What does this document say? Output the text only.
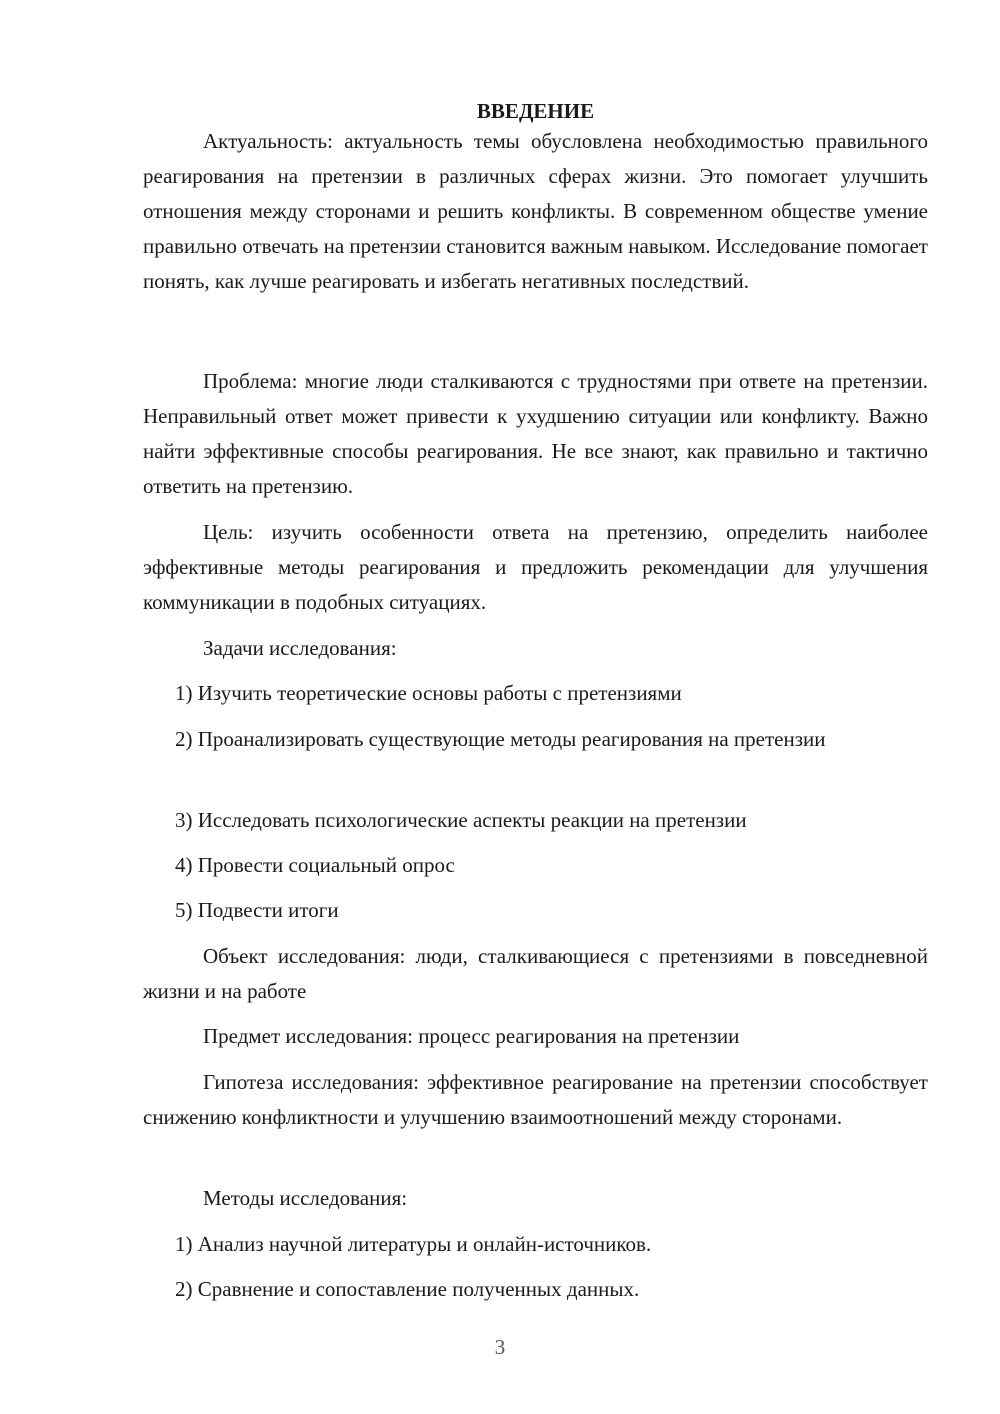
ВВЕДЕНИЕ

Актуальность: актуальность темы обусловлена необходимостью правильного реагирования на претензии в различных сферах жизни. Это помогает улучшить отношения между сторонами и решить конфликты. В современном обществе умение правильно отвечать на претензии становится важным навыком. Исследование помогает понять, как лучше реагировать и избегать негативных последствий.

Проблема: многие люди сталкиваются с трудностями при ответе на претензии. Неправильный ответ может привести к ухудшению ситуации или конфликту. Важно найти эффективные способы реагирования. Не все знают, как правильно и тактично ответить на претензию.

Цель: изучить особенности ответа на претензию, определить наиболее эффективные методы реагирования и предложить рекомендации для улучшения коммуникации в подобных ситуациях.

Задачи исследования:

1) Изучить теоретические основы работы с претензиями

2) Проанализировать существующие методы реагирования на претензии

3) Исследовать психологические аспекты реакции на претензии

4) Провести социальный опрос

5) Подвести итоги

Объект исследования: люди, сталкивающиеся с претензиями в повседневной жизни и на работе

Предмет исследования: процесс реагирования на претензии

Гипотеза исследования: эффективное реагирование на претензии способствует снижению конфликтности и улучшению взаимоотношений между сторонами.

Методы исследования:

1) Анализ научной литературы и онлайн-источников.

2) Сравнение и сопоставление полученных данных.

3
